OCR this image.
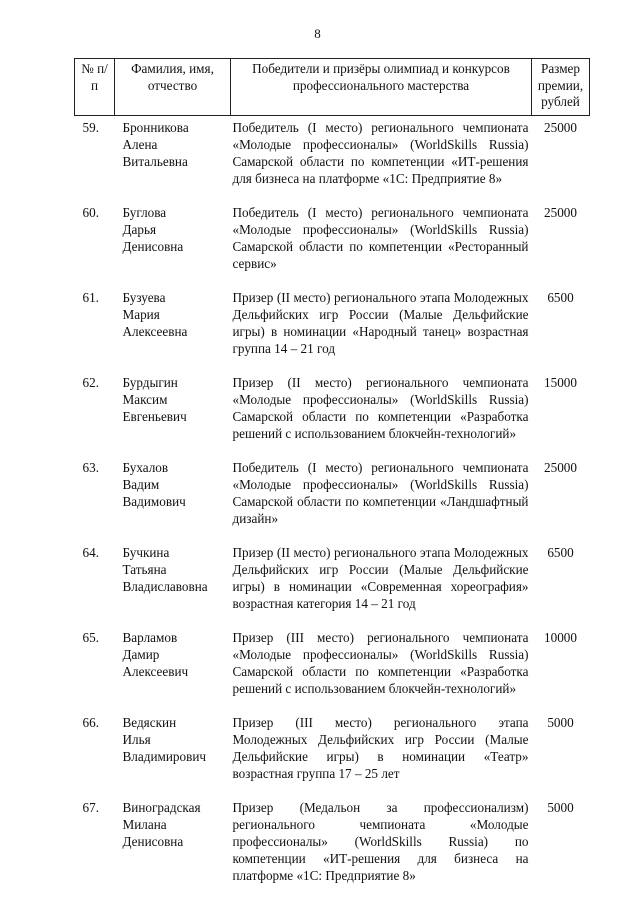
8
№ п/п	Фамилия, имя, отчество	Победители и призёры олимпиад и конкурсов профессионального мастерства	Размер премии, рублей
59.	Бронникова
Алена
Витальевна	Победитель (I место) регионального чемпионата «Молодые профессионалы» (WorldSkills Russia) Самарской области по компетенции «ИТ-решения для бизнеса на платформе «1С: Предприятие 8»	25000
60.	Буглова
Дарья
Денисовна	Победитель (I место) регионального чемпионата «Молодые профессионалы» (WorldSkills Russia) Самарской области по компетенции «Ресторанный сервис»	25000
61.	Бузуева
Мария
Алексеевна	Призер (II место) регионального этапа Молодежных Дельфийских игр России (Малые Дельфийские игры) в номинации «Народный танец» возрастная группа 14 – 21 год	6500
62.	Бурдыгин
Максим
Евгеньевич	Призер (II место) регионального чемпионата «Молодые профессионалы» (WorldSkills Russia) Самарской области по компетенции «Разработка решений с использованием блокчейн-технологий»	15000
63.	Бухалов
Вадим
Вадимович	Победитель (I место) регионального чемпионата «Молодые профессионалы» (WorldSkills Russia) Самарской области по компетенции «Ландшафтный дизайн»	25000
64.	Бучкина
Татьяна
Владиславовна	Призер (II место) регионального этапа Молодежных Дельфийских игр России (Малые Дельфийские игры) в номинации «Современная хореография» возрастная категория 14 – 21 год	6500
65.	Варламов
Дамир
Алексеевич	Призер (III место) регионального чемпионата «Молодые профессионалы» (WorldSkills Russia) Самарской области по компетенции «Разработка решений с использованием блокчейн-технологий»	10000
66.	Ведяскин
Илья
Владимирович	Призер (III место) регионального этапа Молодежных Дельфийских игр России (Малые Дельфийские игры) в номинации «Театр» возрастная группа 17 – 25 лет	5000
67.	Виноградская
Милана
Денисовна	Призер (Медальон за профессионализм) регионального чемпионата «Молодые профессионалы» (WorldSkills Russia) по компетенции «ИТ-решения для бизнеса на платформе «1С: Предприятие 8»	5000
